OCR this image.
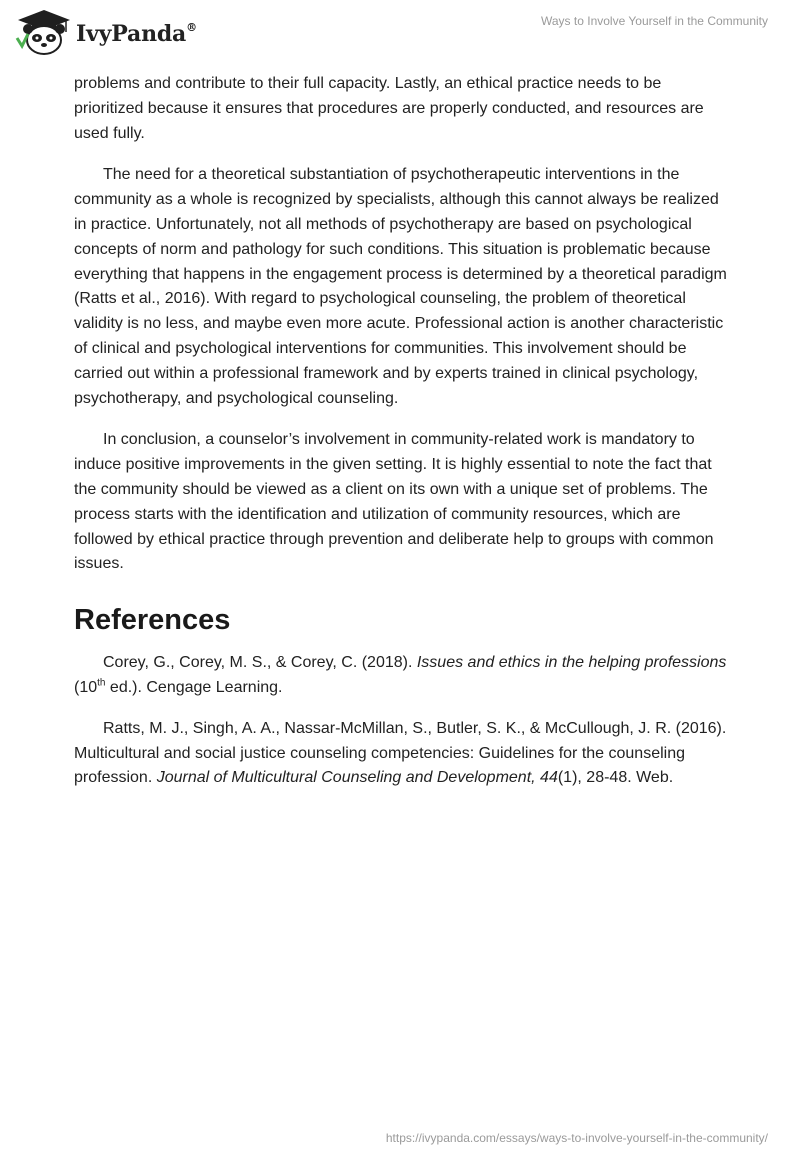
IvyPanda®	Ways to Involve Yourself in the Community

problems and contribute to their full capacity. Lastly, an ethical practice needs to be prioritized because it ensures that procedures are properly conducted, and resources are used fully.

The need for a theoretical substantiation of psychotherapeutic interventions in the community as a whole is recognized by specialists, although this cannot always be realized in practice. Unfortunately, not all methods of psychotherapy are based on psychological concepts of norm and pathology for such conditions. This situation is problematic because everything that happens in the engagement process is determined by a theoretical paradigm (Ratts et al., 2016). With regard to psychological counseling, the problem of theoretical validity is no less, and maybe even more acute. Professional action is another characteristic of clinical and psychological interventions for communities. This involvement should be carried out within a professional framework and by experts trained in clinical psychology, psychotherapy, and psychological counseling.

In conclusion, a counselor’s involvement in community-related work is mandatory to induce positive improvements in the given setting. It is highly essential to note the fact that the community should be viewed as a client on its own with a unique set of problems. The process starts with the identification and utilization of community resources, which are followed by ethical practice through prevention and deliberate help to groups with common issues.

References

Corey, G., Corey, M. S., & Corey, C. (2018). Issues and ethics in the helping professions (10th ed.). Cengage Learning.

Ratts, M. J., Singh, A. A., Nassar-McMillan, S., Butler, S. K., & McCullough, J. R. (2016). Multicultural and social justice counseling competencies: Guidelines for the counseling profession. Journal of Multicultural Counseling and Development, 44(1), 28-48. Web.

https://ivypanda.com/essays/ways-to-involve-yourself-in-the-community/
